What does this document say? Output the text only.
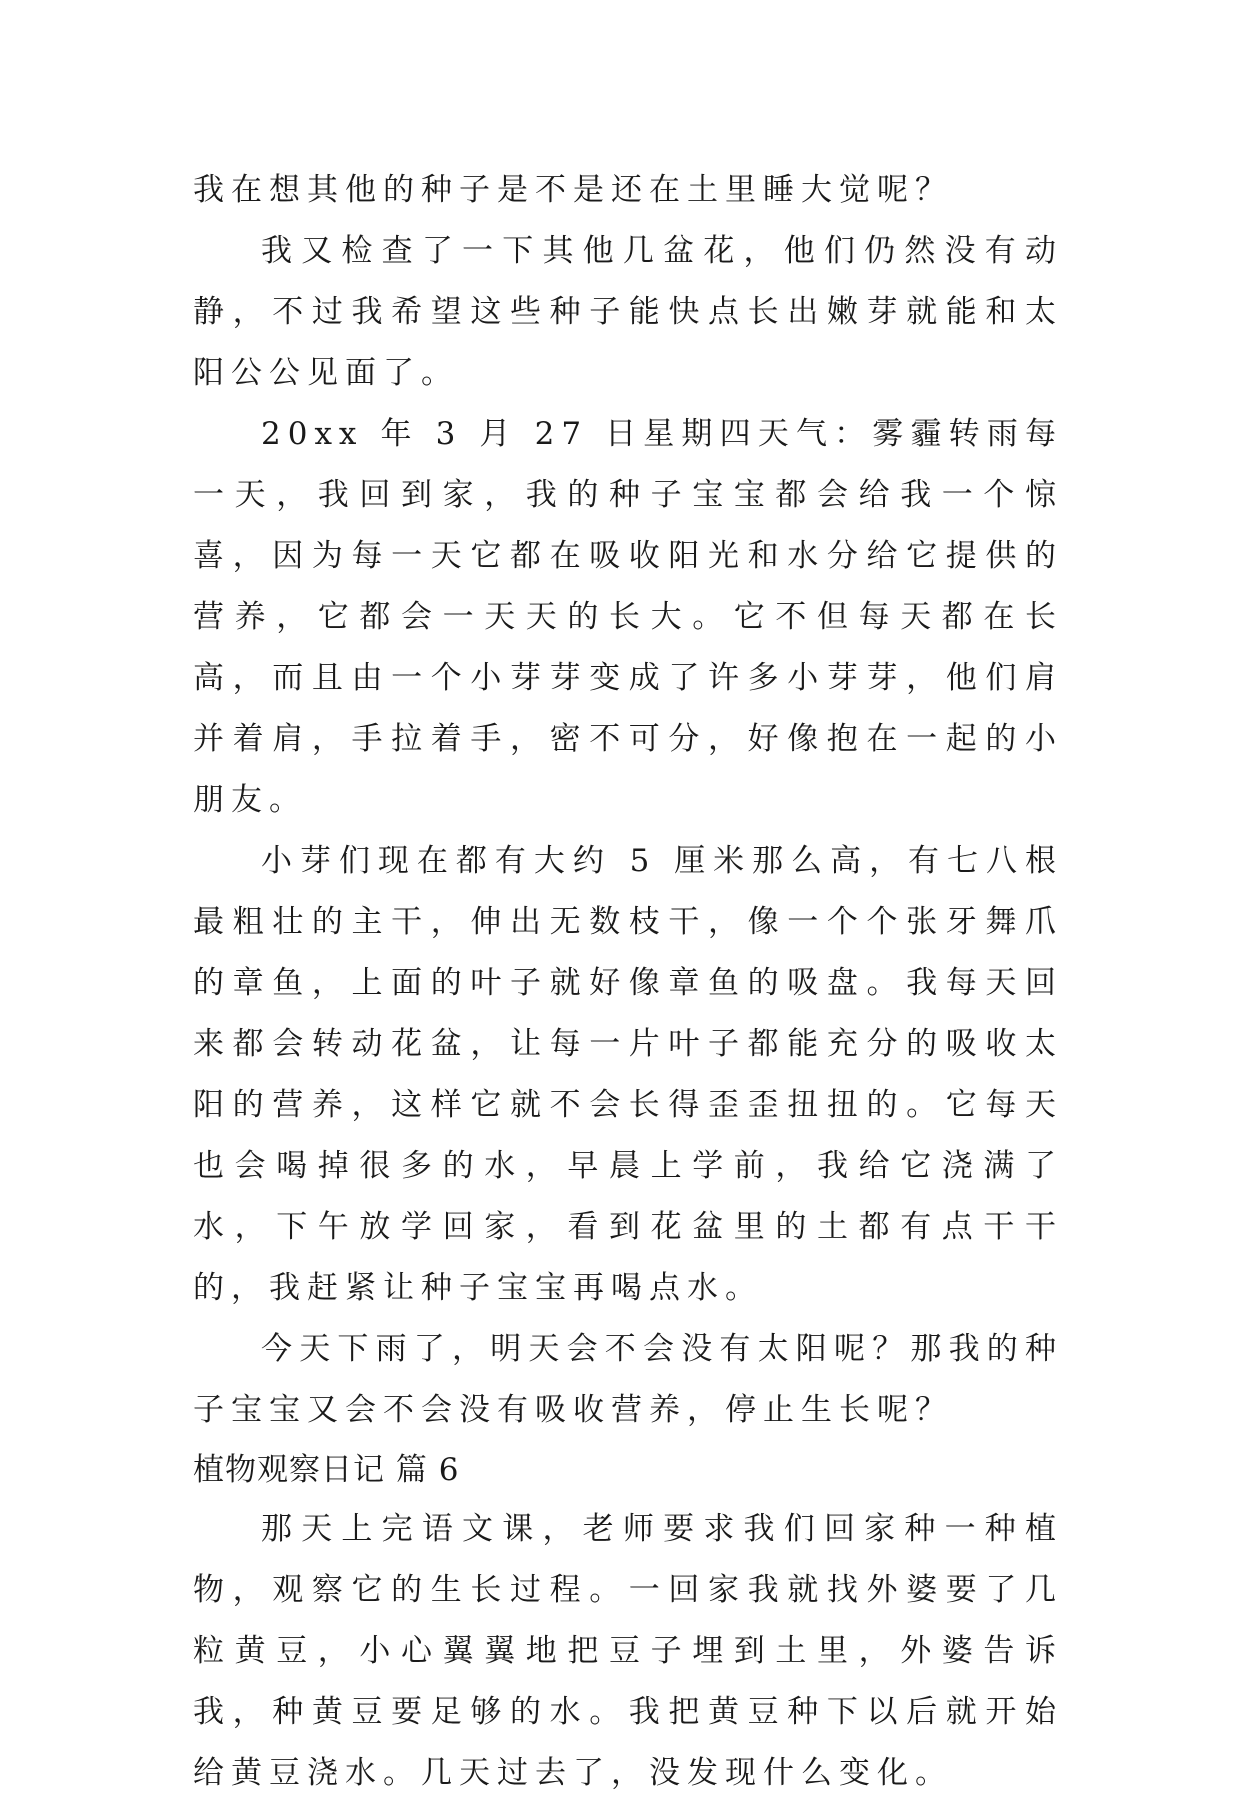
我在想其他的种子是不是还在土里睡大觉呢？

我又检查了一下其他几盆花，他们仍然没有动静，不过我希望这些种子能快点长出嫩芽就能和太阳公公见面了。

20xx 年 3 月 27 日星期四天气：雾霾转雨每一天，我回到家，我的种子宝宝都会给我一个惊喜，因为每一天它都在吸收阳光和水分给它提供的营养，它都会一天天的长大。它不但每天都在长高，而且由一个小芽芽变成了许多小芽芽，他们肩并着肩，手拉着手，密不可分，好像抱在一起的小朋友。

小芽们现在都有大约 5 厘米那么高，有七八根最粗壮的主干，伸出无数枝干，像一个个张牙舞爪的章鱼，上面的叶子就好像章鱼的吸盘。我每天回来都会转动花盆，让每一片叶子都能充分的吸收太阳的营养，这样它就不会长得歪歪扭扭的。它每天也会喝掉很多的水，早晨上学前，我给它浇满了水，下午放学回家，看到花盆里的土都有点干干的，我赶紧让种子宝宝再喝点水。

今天下雨了，明天会不会没有太阳呢？那我的种子宝宝又会不会没有吸收营养，停止生长呢？

植物观察日记 篇 6

那天上完语文课，老师要求我们回家种一种植物，观察它的生长过程。一回家我就找外婆要了几粒黄豆，小心翼翼地把豆子埋到土里，外婆告诉我，种黄豆要足够的水。我把黄豆种下以后就开始给黄豆浇水。几天过去了，没发现什么变化。
